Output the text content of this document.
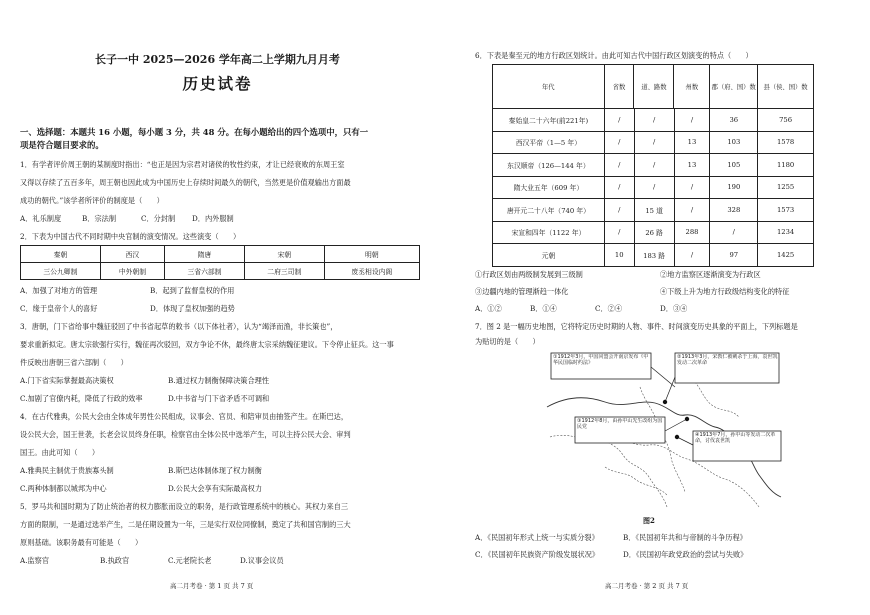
长子一中 2025—2026 学年高二上学期九月月考
历史试卷
一、选择题：本题共 16 小题，每小题 3 分，共 48 分。在每小题给出的四个选项中，只有一
项是符合题目要求的。
1．有学者评价周王朝的某制度时指出：“也正是因为宗君对诸侯的牧性约束，才让已经衰败的东周王室
又得以存续了五百多年，周王朝也因此成为中国历史上存续时间最久的朝代，当然更是价值观输出方面最
成功的朝代。”该学者所评价的制度是（　　）
A．礼乐制度	B．宗法制	C．分封制 D．内外服制
2．下表为中国古代不同时期中央官制的演变情况。这些演变（　　）
秦朝	西汉	隋唐	宋朝	明朝
三公九卿制	中外朝制	三省六部制	二府三司制	废丞相设内阁
A．加强了对地方的管理	B．起到了监督皇权的作用
C．缘于皇帝个人的喜好	D．体现了皇权加强的趋势
3．唐朝，门下省给事中魏征驳回了中书省起草的敕书（以下体社者），认为“竭泽而渔，非长策也”，
要求重新拟定。唐太宗欲强行实行，魏征再次驳回，双方争论不休，最终唐太宗采纳魏征建议。下令停止征兵。这一事
件反映出唐朝三省六部制（　　）
A.门下省实际掌握最高决策权	B.通过权力制衡保障决策合理性
C.加剧了官僚内耗，降低了行政的效率	D.中书省与门下省矛盾不可调和
4．在古代雅典，公民大会由全体成年男性公民组成，议事会、官员、和陪审员由抽签产生。在斯巴达，
设公民大会，国王世袭，长老会议员终身任职，检察官由全体公民中选举产生，可以主持公民大会、审判
国王。由此可知（　　）
A.雅典民主制优于贵族寡头制	B.斯巴达体制体现了权力制衡
C.两种体制都以城邦为中心	D.公民大会享有实际最高权力
5．罗马共和国时期为了防止统治者的权力膨胀而设立的职务，是行政管理系统中的核心。其权力来自三
方面的限制，一是通过选举产生，二是任期设置为一年，三是实行双位同僚制，奠定了共和国官制的三大
原则基础。该职务最有可能是（　　）
A.监察官	B.执政官	C.元老院长老	D.议事会议员
高二月考卷 · 第 1 页 共 7 页
6．下表是秦至元的地方行政区划统计。由此可知古代中国行政区划演变的特点（　　）
年代	省数	道、路数	州数	郡（府、国）数	县（侯、国）数
秦始皇二十六年(前221年)	/	/	/	36	756
西汉平帝（1—5 年）	/	/	13	103	1578
东汉顺帝（126—144 年）	/	/	13	105	1180
隋大业五年（609 年）	/	/	/	190	1255
唐开元二十八年（740 年）	/	15 道	/	328	1573
宋宣和四年（1122 年）	/	26 路	288	/	1234
元朝	10	183 路	/	97	1425
①行政区划由两级制发展到三级制	②地方监察区逐渐演变为行政区
③边疆内地的管理渐趋一体化	④下级上升为地方行政级结构变化的特征
A．①②	B．①④	C．②④	D．③④
7．图 2 是一幅历史地图，它将特定历史时期的人物、事件、时间演变历史具象的平面上，下列标题是
为贴切的是（　　）
图2
A．《民国初年形式上统一与实质分裂》	B．《民国初年共和与帝制的斗争历程》
C．《民国初年民族资产阶级发展状况》	D．《民国初年政党政治的尝试与失败》
高二月考卷 · 第 2 页 共 7 页
①1912年3月，中国同盟会开南京发布《中华民国临时约法》
②1913年3月，宋教仁被刺杀于上海，袁世凯发动二次革命
③1912年8月，由孙中山先生改组为国民党
④1913年7月，孙中山等发动二次革命，讨伐袁世凯
